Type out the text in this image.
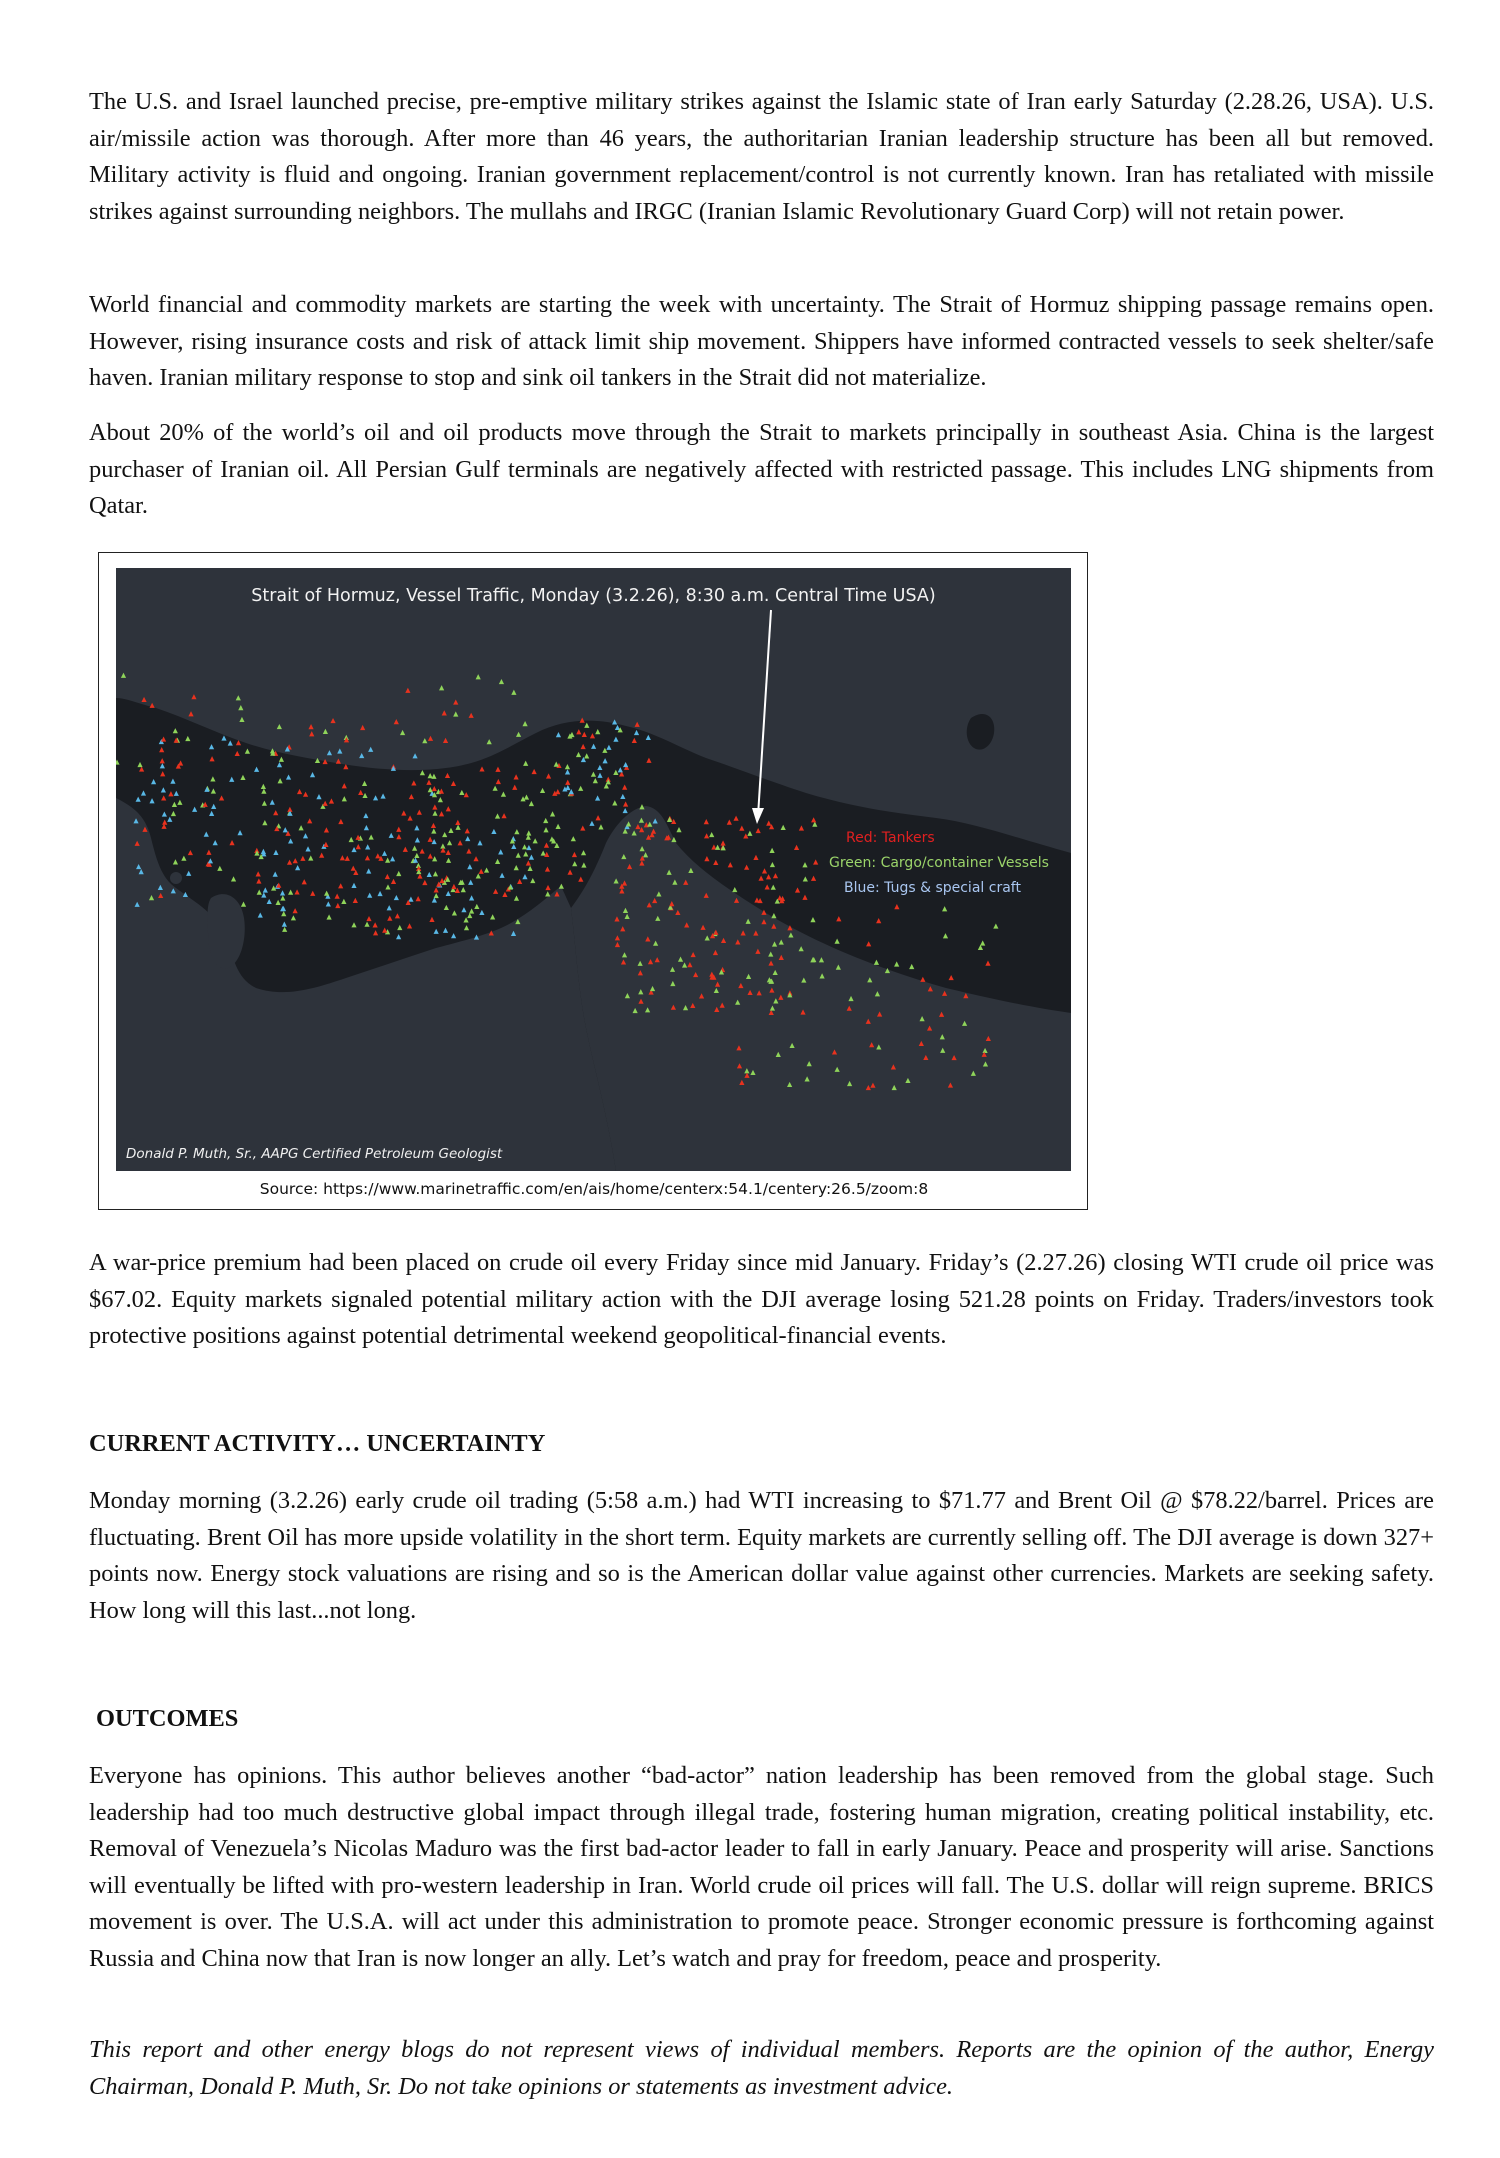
The U.S. and Israel launched precise, pre-emptive military strikes against the Islamic state of Iran early Saturday (2.28.26, USA). U.S. air/missile action was thorough. After more than 46 years, the authoritarian Iranian leadership structure has been all but removed. Military activity is fluid and ongoing. Iranian government replacement/control is not currently known. Iran has retaliated with missile strikes against surrounding neighbors. The mullahs and IRGC (Iranian Islamic Revolutionary Guard Corp) will not retain power.

World financial and commodity markets are starting the week with uncertainty. The Strait of Hormuz shipping passage remains open. However, rising insurance costs and risk of attack limit ship movement. Shippers have informed contracted vessels to seek shelter/safe haven. Iranian military response to stop and sink oil tankers in the Strait did not materialize.

About 20% of the world’s oil and oil products move through the Strait to markets principally in southeast Asia. China is the largest purchaser of Iranian oil. All Persian Gulf terminals are negatively affected with restricted passage. This includes LNG shipments from Qatar.

Strait of Hormuz, Vessel Traffic, Monday (3.2.26), 8:30 a.m. Central Time USA)
Red: Tankers
Green: Cargo/container Vessels
Blue: Tugs & special craft
Donald P. Muth, Sr., AAPG Certified Petroleum Geologist
Source: https://www.marinetraffic.com/en/ais/home/centerx:54.1/centery:26.5/zoom:8

A war-price premium had been placed on crude oil every Friday since mid January. Friday’s (2.27.26) closing WTI crude oil price was $67.02. Equity markets signaled potential military action with the DJI average losing 521.28 points on Friday. Traders/investors took protective positions against potential detrimental weekend geopolitical-financial events.

CURRENT ACTIVITY… UNCERTAINTY

Monday morning (3.2.26) early crude oil trading (5:58 a.m.) had WTI increasing to $71.77 and Brent Oil @ $78.22/barrel. Prices are fluctuating. Brent Oil has more upside volatility in the short term. Equity markets are currently selling off. The DJI average is down 327+ points now. Energy stock valuations are rising and so is the American dollar value against other currencies. Markets are seeking safety. How long will this last...not long.

OUTCOMES

Everyone has opinions. This author believes another “bad-actor” nation leadership has been removed from the global stage. Such leadership had too much destructive global impact through illegal trade, fostering human migration, creating political instability, etc. Removal of Venezuela’s Nicolas Maduro was the first bad-actor leader to fall in early January. Peace and prosperity will arise. Sanctions will eventually be lifted with pro-western leadership in Iran. World crude oil prices will fall. The U.S. dollar will reign supreme. BRICS movement is over. The U.S.A. will act under this administration to promote peace. Stronger economic pressure is forthcoming against Russia and China now that Iran is now longer an ally. Let’s watch and pray for freedom, peace and prosperity.

This report and other energy blogs do not represent views of individual members. Reports are the opinion of the author, Energy Chairman, Donald P. Muth, Sr. Do not take opinions or statements as investment advice.
